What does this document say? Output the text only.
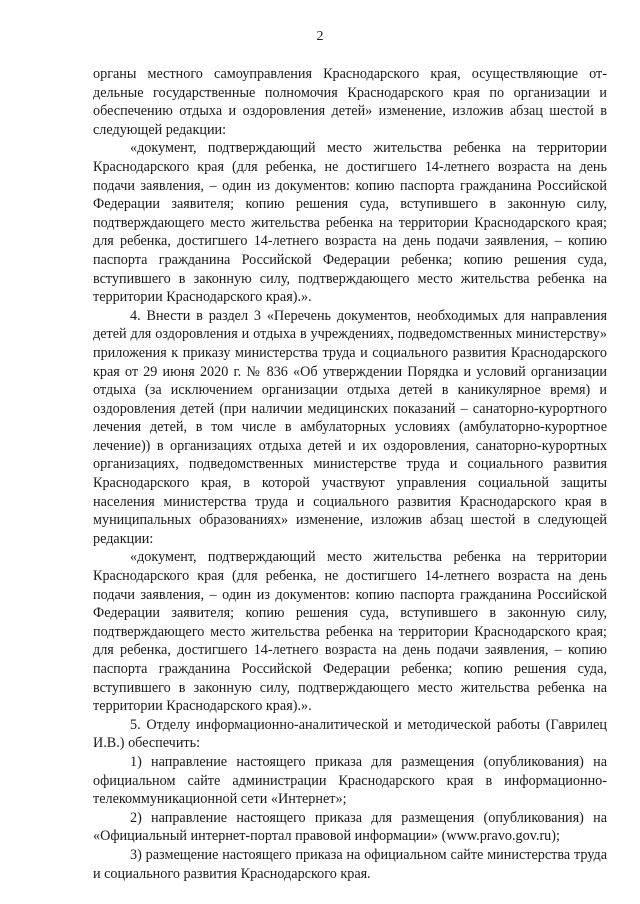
2

органы местного самоуправления Краснодарского края, осуществляющие отдельные государственные полномочия Краснодарского края по организации и обеспечению отдыха и оздоровления детей» изменение, изложив абзац шестой в следующей редакции:

«документ, подтверждающий место жительства ребенка на территории Краснодарского края (для ребенка, не достигшего 14-летнего возраста на день подачи заявления, – один из документов: копию паспорта гражданина Российской Федерации заявителя; копию решения суда, вступившего в законную силу, подтверждающего место жительства ребенка на территории Краснодарского края; для ребенка, достигшего 14-летнего возраста на день подачи заявления, – копию паспорта гражданина Российской Федерации ребенка; копию решения суда, вступившего в законную силу, подтверждающего место жительства ребенка на территории Краснодарского края).».

4. Внести в раздел 3 «Перечень документов, необходимых для направления детей для оздоровления и отдыха в учреждениях, подведомственных министерству» приложения к приказу министерства труда и социального развития Краснодарского края от 29 июня 2020 г. № 836 «Об утверждении Порядка и условий организации отдыха (за исключением организации отдыха детей в каникулярное время) и оздоровления детей (при наличии медицинских показаний – санаторно-курортного лечения детей, в том числе в амбулаторных условиях (амбулаторно-курортное лечение)) в организациях отдыха детей и их оздоровления, санаторно-курортных организациях, подведомственных министерстве труда и социального развития Краснодарского края, в которой участвуют управления социальной защиты населения министерства труда и социального развития Краснодарского края в муниципальных образованиях» изменение, изложив абзац шестой в следующей редакции:

«документ, подтверждающий место жительства ребенка на территории Краснодарского края (для ребенка, не достигшего 14-летнего возраста на день подачи заявления, – один из документов: копию паспорта гражданина Российской Федерации заявителя; копию решения суда, вступившего в законную силу, подтверждающего место жительства ребенка на территории Краснодарского края; для ребенка, достигшего 14-летнего возраста на день подачи заявления, – копию паспорта гражданина Российской Федерации ребенка; копию решения суда, вступившего в законную силу, подтверждающего место жительства ребенка на территории Краснодарского края).».

5. Отделу информационно-аналитической и методической работы (Гаврилец И.В.) обеспечить:

1) направление настоящего приказа для размещения (опубликования) на официальном сайте администрации Краснодарского края в информационно-телекоммуникационной сети «Интернет»;

2) направление настоящего приказа для размещения (опубликования) на «Официальный интернет-портал правовой информации» (www.pravo.gov.ru);

3) размещение настоящего приказа на официальном сайте министерства труда и социального развития Краснодарского края.
